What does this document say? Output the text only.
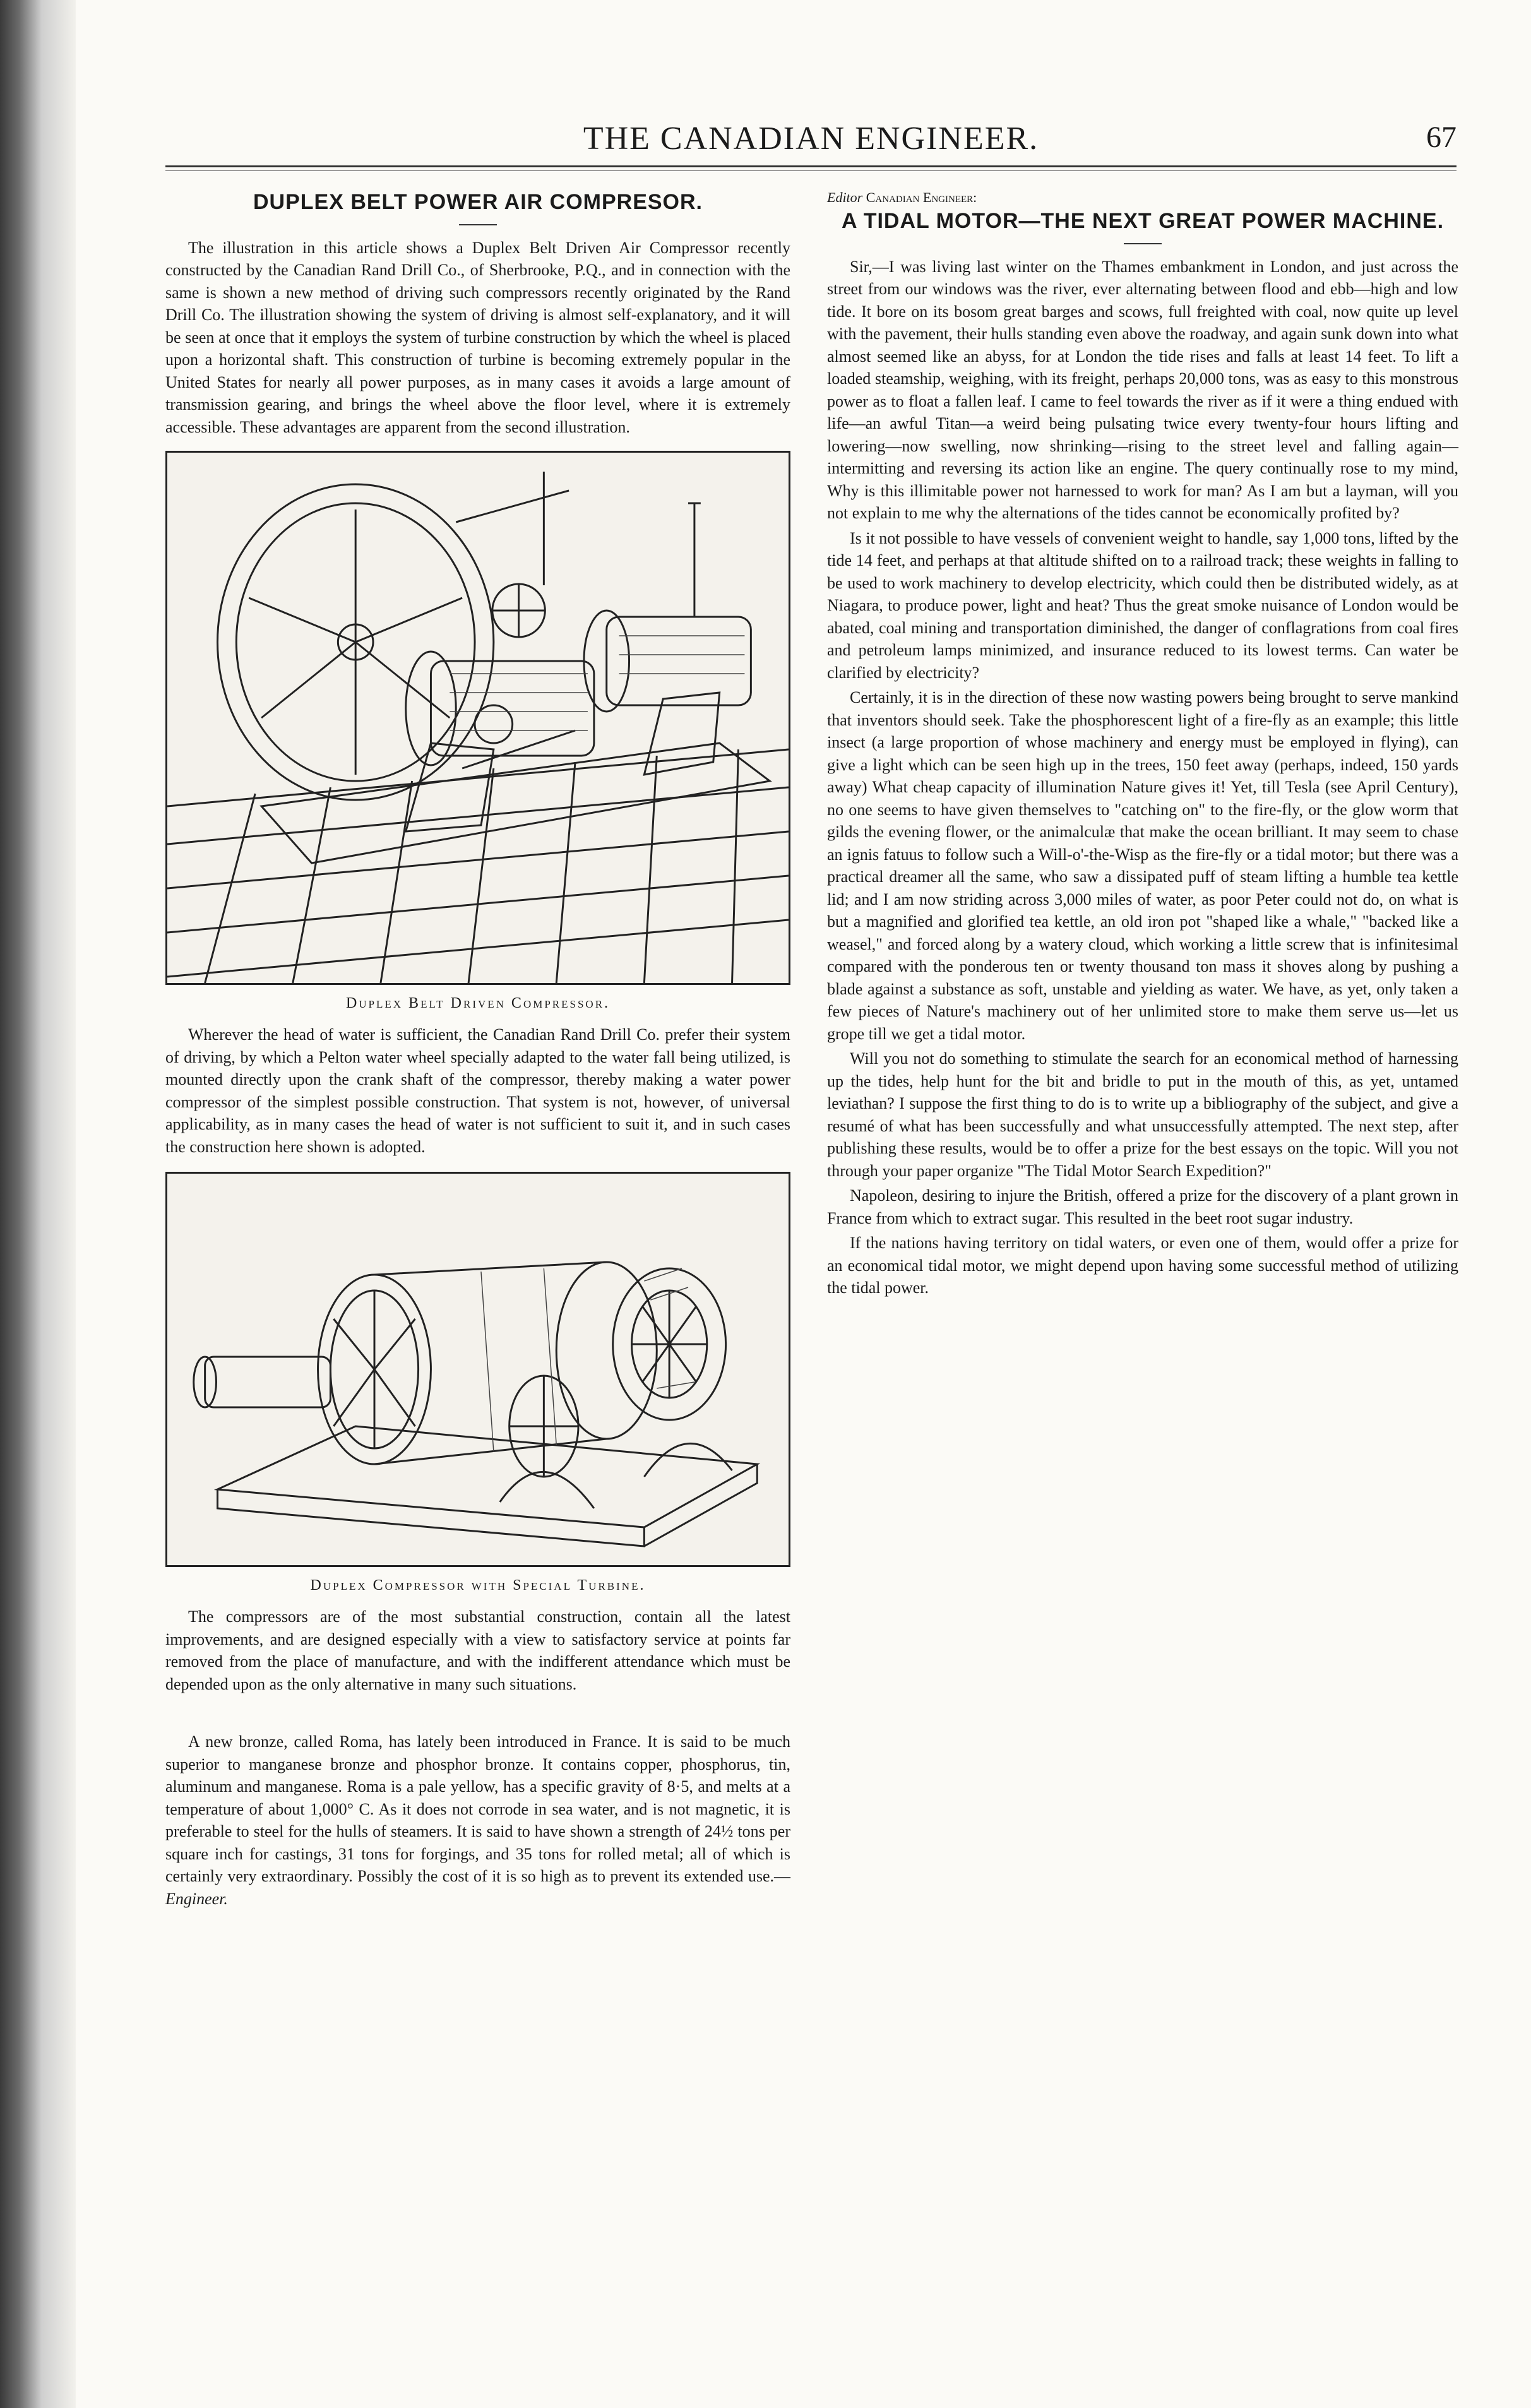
THE CANADIAN ENGINEER.	67
DUPLEX BELT POWER AIR COMPRESOR.

The illustration in this article shows a Duplex Belt Driven Air Compressor recently constructed by the Canadian Rand Drill Co., of Sherbrooke, P.Q., and in connection with the same is shown a new method of driving such compressors recently originated by the Rand Drill Co. The illustration showing the system of driving is almost self-explanatory, and it will be seen at once that it employs the system of turbine construction by which the wheel is placed upon a horizontal shaft. This construction of turbine is becoming extremely popular in the United States for nearly all power purposes, as in many cases it avoids a large amount of transmission gearing, and brings the wheel above the floor level, where it is extremely accessible. These advantages are apparent from the second illustration.

Duplex Belt Driven Compressor.

Wherever the head of water is sufficient, the Canadian Rand Drill Co. prefer their system of driving, by which a Pelton water wheel specially adapted to the water fall being utilized, is mounted directly upon the crank shaft of the compressor, thereby making a water power compressor of the simplest possible construction. That system is not, however, of universal applicability, as in many cases the head of water is not sufficient to suit it, and in such cases the construction here shown is adopted.

Duplex Compressor with Special Turbine.

The compressors are of the most substantial construction, contain all the latest improvements, and are designed especially with a view to satisfactory service at points far removed from the place of manufacture, and with the indifferent attendance which must be depended upon as the only alternative in many such situations.

A new bronze, called Roma, has lately been introduced in France. It is said to be much superior to manganese bronze and phosphor bronze. It contains copper, phosphorus, tin, aluminum and manganese. Roma is a pale yellow, has a specific gravity of 8·5, and melts at a temperature of about 1,000° C. As it does not corrode in sea water, and is not magnetic, it is preferable to steel for the hulls of steamers. It is said to have shown a strength of 24½ tons per square inch for castings, 31 tons for forgings, and 35 tons for rolled metal; all of which is certainly very extraordinary. Possibly the cost of it is so high as to prevent its extended use.—Engineer.

Editor Canadian Engineer:
A TIDAL MOTOR—THE NEXT GREAT POWER MACHINE.

Sir,—I was living last winter on the Thames embankment in London, and just across the street from our windows was the river, ever alternating between flood and ebb—high and low tide. It bore on its bosom great barges and scows, full freighted with coal, now quite up level with the pavement, their hulls standing even above the roadway, and again sunk down into what almost seemed like an abyss, for at London the tide rises and falls at least 14 feet. To lift a loaded steamship, weighing, with its freight, perhaps 20,000 tons, was as easy to this monstrous power as to float a fallen leaf. I came to feel towards the river as if it were a thing endued with life—an awful Titan—a weird being pulsating twice every twenty-four hours lifting and lowering—now swelling, now shrinking—rising to the street level and falling again—intermitting and reversing its action like an engine. The query continually rose to my mind, Why is this illimitable power not harnessed to work for man? As I am but a layman, will you not explain to me why the alternations of the tides cannot be economically profited by?

Is it not possible to have vessels of convenient weight to handle, say 1,000 tons, lifted by the tide 14 feet, and perhaps at that altitude shifted on to a railroad track; these weights in falling to be used to work machinery to develop electricity, which could then be distributed widely, as at Niagara, to produce power, light and heat? Thus the great smoke nuisance of London would be abated, coal mining and transportation diminished, the danger of conflagrations from coal fires and petroleum lamps minimized, and insurance reduced to its lowest terms. Can water be clarified by electricity?

Certainly, it is in the direction of these now wasting powers being brought to serve mankind that inventors should seek. Take the phosphorescent light of a fire-fly as an example; this little insect (a large proportion of whose machinery and energy must be employed in flying), can give a light which can be seen high up in the trees, 150 feet away (perhaps, indeed, 150 yards away) What cheap capacity of illumination Nature gives it! Yet, till Tesla (see April Century), no one seems to have given themselves to "catching on" to the fire-fly, or the glow worm that gilds the evening flower, or the animalculæ that make the ocean brilliant. It may seem to chase an ignis fatuus to follow such a Will-o'-the-Wisp as the fire-fly or a tidal motor; but there was a practical dreamer all the same, who saw a dissipated puff of steam lifting a humble tea kettle lid; and I am now striding across 3,000 miles of water, as poor Peter could not do, on what is but a magnified and glorified tea kettle, an old iron pot "shaped like a whale," "backed like a weasel," and forced along by a watery cloud, which working a little screw that is infinitesimal compared with the ponderous ten or twenty thousand ton mass it shoves along by pushing a blade against a substance as soft, unstable and yielding as water. We have, as yet, only taken a few pieces of Nature's machinery out of her unlimited store to make them serve us—let us grope till we get a tidal motor.

Will you not do something to stimulate the search for an economical method of harnessing up the tides, help hunt for the bit and bridle to put in the mouth of this, as yet, untamed leviathan? I suppose the first thing to do is to write up a bibliography of the subject, and give a resumé of what has been successfully and what unsuccessfully attempted. The next step, after publishing these results, would be to offer a prize for the best essays on the topic. Will you not through your paper organize "The Tidal Motor Search Expedition?"

Napoleon, desiring to injure the British, offered a prize for the discovery of a plant grown in France from which to extract sugar. This resulted in the beet root sugar industry.

If the nations having territory on tidal waters, or even one of them, would offer a prize for an economical tidal motor, we might depend upon having some successful method of utilizing the tidal power.
